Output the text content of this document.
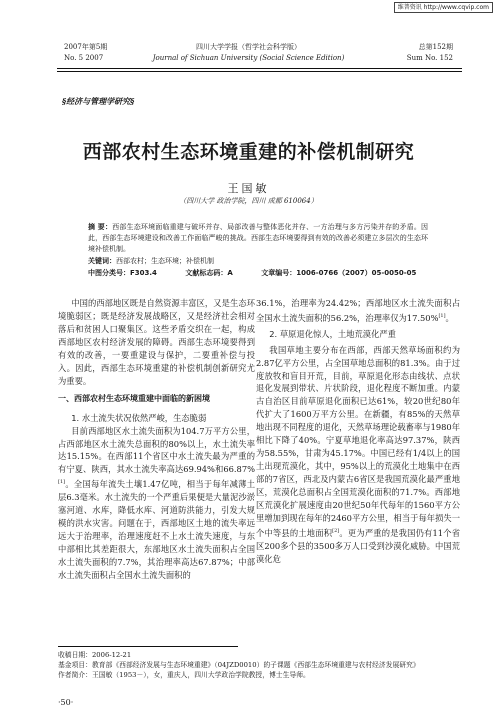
维普资讯 http://www.cqvip.com
2007年第5期
No. 5 2007
四川大学学报（哲学社会科学版）
Journal of Sichuan University (Social Science Edition)
总第152期
Sum No. 152
§经济与管理学研究§
西部农村生态环境重建的补偿机制研究
王国敏
（四川大学 政治学院，四川 成都 610064）
摘 要：西部生态环境面临重建与破坏并存、局部改善与整体恶化并存、一方治理与多方污染并存的矛盾。因此，西部生态环境建设和改善工作面临严峻的挑战。西部生态环境要得到有效的改善必须建立多层次的生态环境补偿机制。
关键词：西部农村；生态环境；补偿机制
中图分类号：F303.4	文献标志码：A	文章编号：1006-0766（2007）05-0050-05

中国的西部地区既是自然资源丰富区，又是生态环境脆弱区；既是经济发展战略区，又是经济社会相对落后和贫困人口聚集区。这些矛盾交织在一起，构成西部地区农村经济发展的障碍。西部生态环境要得到有效的改善，一要重建设与保护，二要重补偿与投入。因此，西部生态环境重建的补偿机制创新研究尤为重要。

一、西部农村生态环境重建中面临的新困境

1. 水土流失状况依然严峻，生态脆弱

目前西部地区水土流失面积为104.7万平方公里，占西部地区水土流失总面积的80%以上，水土流失率达15.15%。在西部11个省区中水土流失最为严重的有宁夏、陕西，其水土流失率高达69.94%和66.87%[1]。全国每年流失土壤1.47亿吨，相当于每年减薄土层6.3毫米。水土流失的一个严重后果便是大量泥沙淤塞河道、水库，降低水库、河道防洪能力，引发大规模的洪水灾害。问题在于，西部地区土地的流失率远远大于治理率，治理速度赶不上水土流失速度，与东中部相比其差距很大，东部地区水土流失面积占全国水土流失面积的7.7%，其治理率高达67.87%；中部水土流失面积占全国水土流失面积的

36.1%，治理率为24.42%；西部地区水土流失面积占全国水土流失面积的56.2%，治理率仅为17.50%[1]。

2. 草原退化惊人，土地荒漠化严重

我国草地主要分布在西部，西部天然草场面积约为2.87亿平方公里，占全国草地总面积的81.3%。由于过度放牧和盲目开荒，目前，草原退化形态由线状、点状退化发展到带状、片状阶段，退化程度不断加重。内蒙古自治区目前草原退化面积已达61%，较20世纪80年代扩大了1600万平方公里。在新疆，有85%的天然草地出现不同程度的退化，天然草场理论载畜率与1980年相比下降了40%。宁夏草地退化率高达97.37%，陕西为58.55%，甘肃为45.17%。中国已经有1/4以上的国土出现荒漠化，其中，95%以上的荒漠化土地集中在西部的7省区，西北及内蒙古6省区是我国荒漠化最严重地区，荒漠化总面积占全国荒漠化面积的71.7%。西部地区荒漠化扩展速度由20世纪50年代每年的1560平方公里增加到现在每年的2460平方公里，相当于每年损失一个中等县的土地面积[2]。更为严重的是我国仍有11个省区200多个县的3500多万人口受到沙漠化威胁。中国荒漠化危

收稿日期：2006-12-21
基金项目：教育部《西部经济发展与生态环境重建》（04JZD0010）的子课题《西部生态环境重建与农村经济发展研究》
作者简介：王国敏（1953－），女，重庆人，四川大学政治学院教授，博士生导师。
·50·
